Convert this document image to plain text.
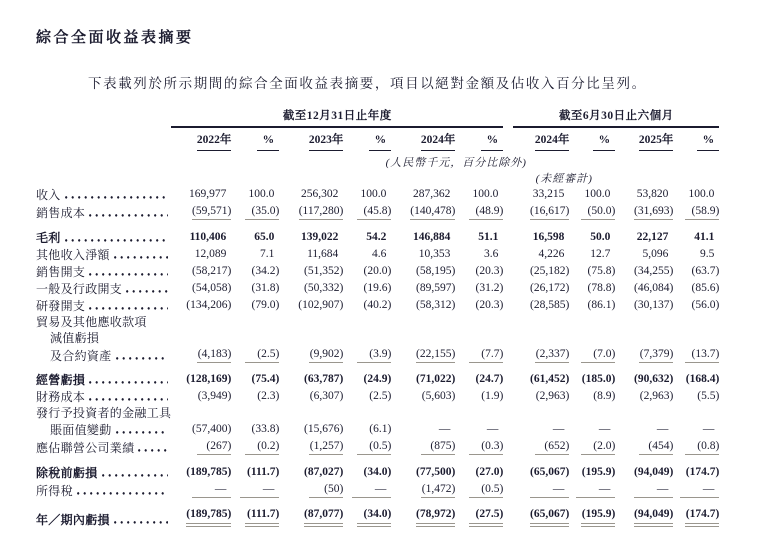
綜合全面收益表摘要
下表載列於所示期間的綜合全面收益表摘要，項目以絕對金額及佔收入百分比呈列。
	截至12月31日止年度							截至6月30日止六個月			
	2022年	%	2023年	%	2024年	%		2024年	%	2025年	%
	(人民幣千元，百分比除外)										
								(未經審計)			

收入	169,977	100.0	256,302	100.0	287,362	100.0		33,215	100.0	53,820	100.0

銷售成本	(59,571)	(35.0)	(117,280)	(45.8)	(140,478)	(48.9)		(16,617)	(50.0)	(31,693)	(58.9)

毛利	110,406	65.0	139,022	54.2	146,884	51.1		16,598	50.0	22,127	41.1

其他收入淨額	12,089	7.1	11,684	4.6	10,353	3.6		4,226	12.7	5,096	9.5

銷售開支	(58,217)	(34.2)	(51,352)	(20.0)	(58,195)	(20.3)		(25,182)	(75.8)	(34,255)	(63.7)

一般及行政開支	(54,058)	(31.8)	(50,332)	(19.6)	(89,597)	(31.2)		(26,172)	(78.8)	(46,084)	(85.6)

研發開支	(134,206)	(79.0)	(102,907)	(40.2)	(58,312)	(20.3)		(28,585)	(86.1)	(30,137)	(56.0)

貿易及其他應收款項											

減值虧損											

及合約資產	(4,183)	(2.5)	(9,902)	(3.9)	(22,155)	(7.7)		(2,337)	(7.0)	(7,379)	(13.7)

經營虧損	(128,169)	(75.4)	(63,787)	(24.9)	(71,022)	(24.7)		(61,452)	(185.0)	(90,632)	(168.4)

財務成本	(3,949)	(2.3)	(6,307)	(2.5)	(5,603)	(1.9)		(2,963)	(8.9)	(2,963)	(5.5)

發行予投資者的金融工具											

賬面值變動	(57,400)	(33.8)	(15,676)	(6.1)	—	—		—	—	—	—

應佔聯營公司業績	(267)	(0.2)	(1,257)	(0.5)	(875)	(0.3)		(652)	(2.0)	(454)	(0.8)

除稅前虧損	(189,785)	(111.7)	(87,027)	(34.0)	(77,500)	(27.0)		(65,067)	(195.9)	(94,049)	(174.7)

所得稅	—	—	(50)	—	(1,472)	(0.5)		—	—	—	—

年／期內虧損	(189,785)	(111.7)	(87,077)	(34.0)	(78,972)	(27.5)		(65,067)	(195.9)	(94,049)	(174.7)
